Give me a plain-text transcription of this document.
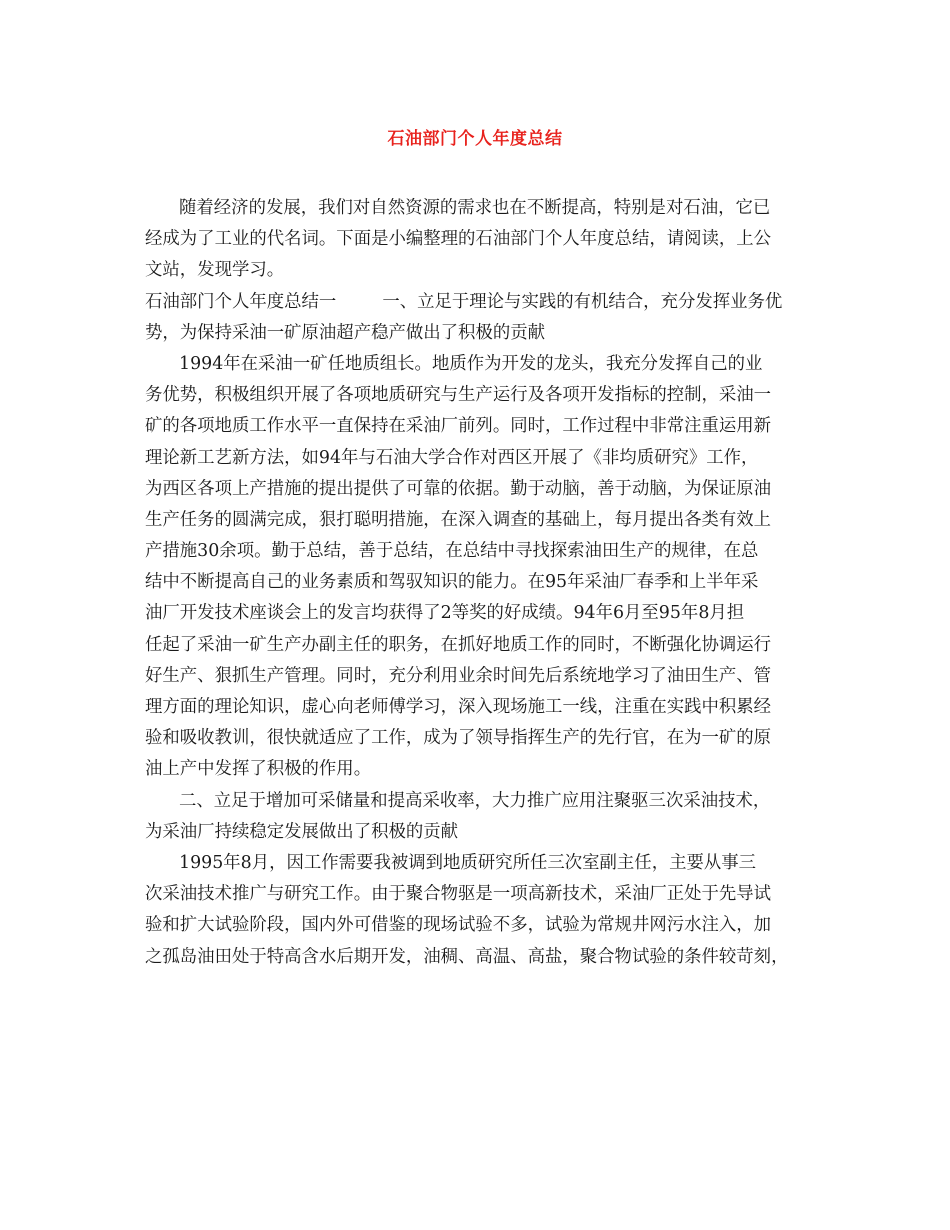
石油部门个人年度总结
随着经济的发展，我们对自然资源的需求也在不断提高，特别是对石油，它已
经成为了工业的代名词。下面是小编整理的石油部门个人年度总结，请阅读，上公
文站，发现学习。
石油部门个人年度总结一	一、立足于理论与实践的有机结合，充分发挥业务优
势，为保持采油一矿原油超产稳产做出了积极的贡献
1994年在采油一矿任地质组长。地质作为开发的龙头，我充分发挥自己的业
务优势，积极组织开展了各项地质研究与生产运行及各项开发指标的控制，采油一
矿的各项地质工作水平一直保持在采油厂前列。同时，工作过程中非常注重运用新
理论新工艺新方法，如94年与石油大学合作对西区开展了《非均质研究》工作，
为西区各项上产措施的提出提供了可靠的依据。勤于动脑，善于动脑，为保证原油
生产任务的圆满完成，狠打聪明措施，在深入调查的基础上，每月提出各类有效上
产措施30余项。勤于总结，善于总结，在总结中寻找探索油田生产的规律，在总
结中不断提高自己的业务素质和驾驭知识的能力。在95年采油厂春季和上半年采
油厂开发技术座谈会上的发言均获得了2等奖的好成绩。94年6月至95年8月担
任起了采油一矿生产办副主任的职务，在抓好地质工作的同时，不断强化协调运行
好生产、狠抓生产管理。同时，充分利用业余时间先后系统地学习了油田生产、管
理方面的理论知识，虚心向老师傅学习，深入现场施工一线，注重在实践中积累经
验和吸收教训，很快就适应了工作，成为了领导指挥生产的先行官，在为一矿的原
油上产中发挥了积极的作用。
二、立足于增加可采储量和提高采收率，大力推广应用注聚驱三次采油技术，
为采油厂持续稳定发展做出了积极的贡献
1995年8月，因工作需要我被调到地质研究所任三次室副主任，主要从事三
次采油技术推广与研究工作。由于聚合物驱是一项高新技术，采油厂正处于先导试
验和扩大试验阶段，国内外可借鉴的现场试验不多，试验为常规井网污水注入，加
之孤岛油田处于特高含水后期开发，油稠、高温、高盐，聚合物试验的条件较苛刻，
